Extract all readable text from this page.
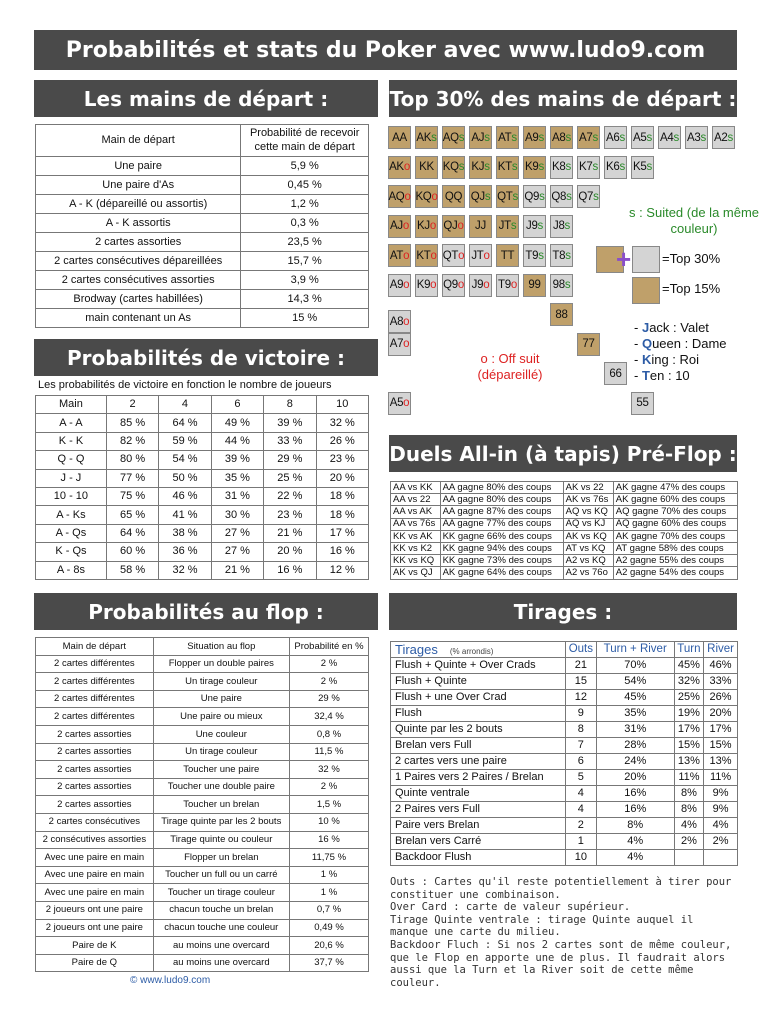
Probabilités et stats du Poker avec www.ludo9.com
Les mains de départ :	Top 30% des mains de départ :
Probabilités de victoire :
Duels All-in (à tapis) Pré-Flop :
Probabilités au flop :	Tirages :
Main de départ	Probabilité de recevoir cette main de départ
Une paire	5,9 %
Une paire d'As	0,45 %
A - K (dépareillé ou assortis)	1,2 %
A - K assortis	0,3 %
2 cartes assorties	23,5 %
2 cartes consécutives dépareillées	15,7 %
2 cartes consécutives assorties	3,9 %
Brodway (cartes habillées)	14,3 %
main contenant un As	15 %
Les probabilités de victoire en fonction le nombre de joueurs
Main	2	4	6	8	10
A - A	85 %	64 %	49 %	39 %	32 %
K - K	82 %	59 %	44 %	33 %	26 %
Q - Q	80 %	54 %	39 %	29 %	23 %
J - J	77 %	50 %	35 %	25 %	20 %
10 - 10	75 %	46 %	31 %	22 %	18 %
A - Ks	65 %	41 %	30 %	23 %	18 %
A - Qs	64 %	38 %	27 %	21 %	17 %
K - Qs	60 %	36 %	27 %	20 %	16 %
A - 8s	58 %	32 %	21 %	16 %	12 %
Main de départ	Situation au flop	Probabilité en %
2 cartes différentes	Flopper un double paires	2 %
2 cartes différentes	Un tirage couleur	2 %
2 cartes différentes	Une paire	29 %
2 cartes différentes	Une paire ou mieux	32,4 %
2 cartes assorties	Une couleur	0,8 %
2 cartes assorties	Un tirage couleur	11,5 %
2 cartes assorties	Toucher une paire	32 %
2 cartes assorties	Toucher une double paire	2 %
2 cartes assorties	Toucher un brelan	1,5 %
2 cartes consécutives	Tirage quinte par les 2 bouts	10 %
2 consécutives assorties	Tirage quinte ou couleur	16 %
Avec une paire en main	Flopper un brelan	11,75 %
Avec une paire en main	Toucher un full ou un carré	1 %
Avec une paire en main	Toucher un tirage couleur	1 %
2 joueurs ont une paire	chacun touche un brelan	0,7 %
2 joueurs ont une paire	chacun touche une couleur	0,49 %
Paire de K	au moins une overcard	20,6 %
Paire de Q	au moins une overcard	37,7 %
© www.ludo9.com
AA AK s AQ s AJ s AT s A9 s A8 s A7 s A6 s A5 s A4 s A3 s A2 s
AK o KK KQ s KJ s KT s K9 s K8 s K7 s K6 s K5 s
AQ o KQ o QQ QJ s QT s Q9 s Q8 s Q7 s
AJ o KJ o QJ o JJ JT s J9 s J8 s
AT o KT o QT o JT o TT T9 s T8 s
A9 o K9 o Q9 o J9 o T9 o 99 98 s
A8 o
88
A7 o	77
66
A5 o	55
s : Suited (de la même couleur)
+ =Top 30%
=Top 15%
o : Off suit (dépareillé)
- Jack : Valet
- Queen : Dame
- King : Roi
- Ten : 10
AA vs KK	AA gagne 80% des coups	AK vs 22	AK gagne 47% des coups
AA vs 22	AA gagne 80% des coups	AK vs 76s	AK gagne 60% des coups
AA vs AK	AA gagne 87% des coups	AQ vs KQ	AQ gagne 70% des coups
AA vs 76s	AA gagne 77% des coups	AQ vs KJ	AQ gagne 60% des coups
KK vs AK	KK gagne 66% des coups	AK vs KQ	AK gagne 70% des coups
KK vs K2	KK gagne 94% des coups	AT vs KQ	AT gagne 58% des coups
KK vs KQ	KK gagne 73% des coups	A2 vs KQ	A2 gagne 55% des coups
AK vs QJ	AK gagne 64% des coups	A2 vs 76o	A2 gagne 54% des coups
Tirages (% arrondis)	Outs	Turn + River	Turn	River
Flush + Quinte + Over Crads	21	70%	45%	46%
Flush + Quinte	15	54%	32%	33%
Flush + une Over Crad	12	45%	25%	26%
Flush	9	35%	19%	20%
Quinte par les 2 bouts	8	31%	17%	17%
Brelan vers Full	7	28%	15%	15%
2 cartes vers une paire	6	24%	13%	13%
1 Paires vers 2 Paires / Brelan	5	20%	11%	11%
Quinte ventrale	4	16%	8%	9%
2 Paires vers Full	4	16%	8%	9%
Paire vers Brelan	2	8%	4%	4%
Brelan vers Carré	1	4%	2%	2%
Backdoor Flush	10	4%		
Outs : Cartes qu'il reste potentiellement à tirer pour constituer une combinaison.
Over Card : carte de valeur supérieur.
Tirage Quinte ventrale : tirage Quinte auquel il manque une carte du milieu.
Backdoor Fluch : Si nos 2 cartes sont de même couleur, que le Flop en apporte une de plus. Il faudrait alors aussi que la Turn et la River soit de cette même couleur.
